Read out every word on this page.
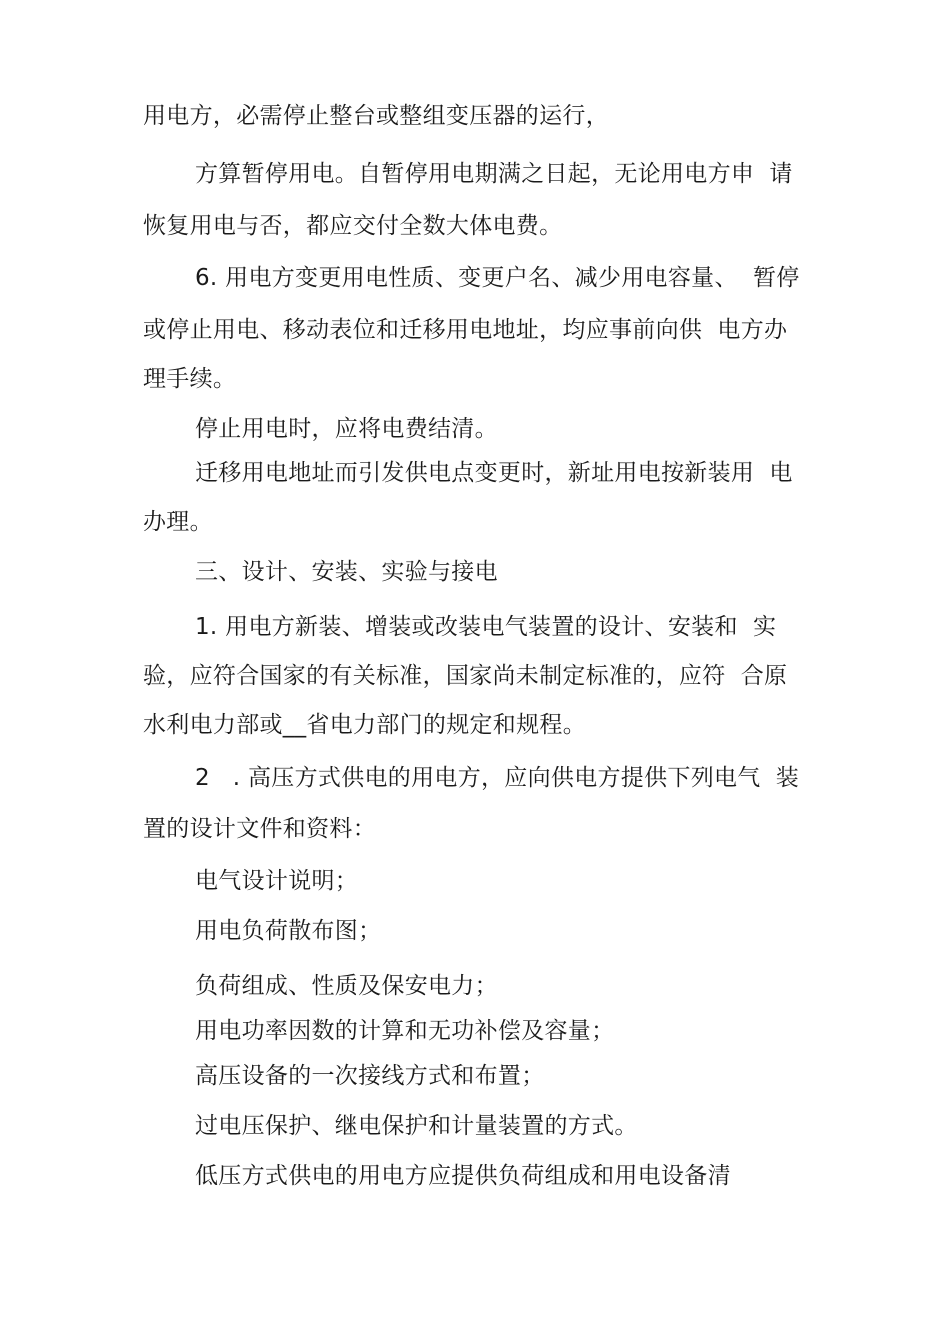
用电方，必需停止整台或整组变压器的运行，
方算暂停用电。自暂停用电期满之日起，无论用电方申  请
恢复用电与否，都应交付全数大体电费。
6. 用电方变更用电性质、变更户名、减少用电容量、  暂停
或停止用电、移动表位和迁移用电地址，均应事前向供  电方办
理手续。
停止用电时，应将电费结清。
迁移用电地址而引发供电点变更时，新址用电按新装用  电
办理。
三、设计、安装、实验与接电
1. 用电方新装、增装或改装电气装置的设计、安装和  实
验，应符合国家的有关标准，国家尚未制定标准的，应符  合原
水利电力部或__省电力部门的规定和规程。
2   . 高压方式供电的用电方，应向供电方提供下列电气  装
置的设计文件和资料：
电气设计说明；
用电负荷散布图；
负荷组成、性质及保安电力；
用电功率因数的计算和无功补偿及容量；
高压设备的一次接线方式和布置；
过电压保护、继电保护和计量装置的方式。
低压方式供电的用电方应提供负荷组成和用电设备清
